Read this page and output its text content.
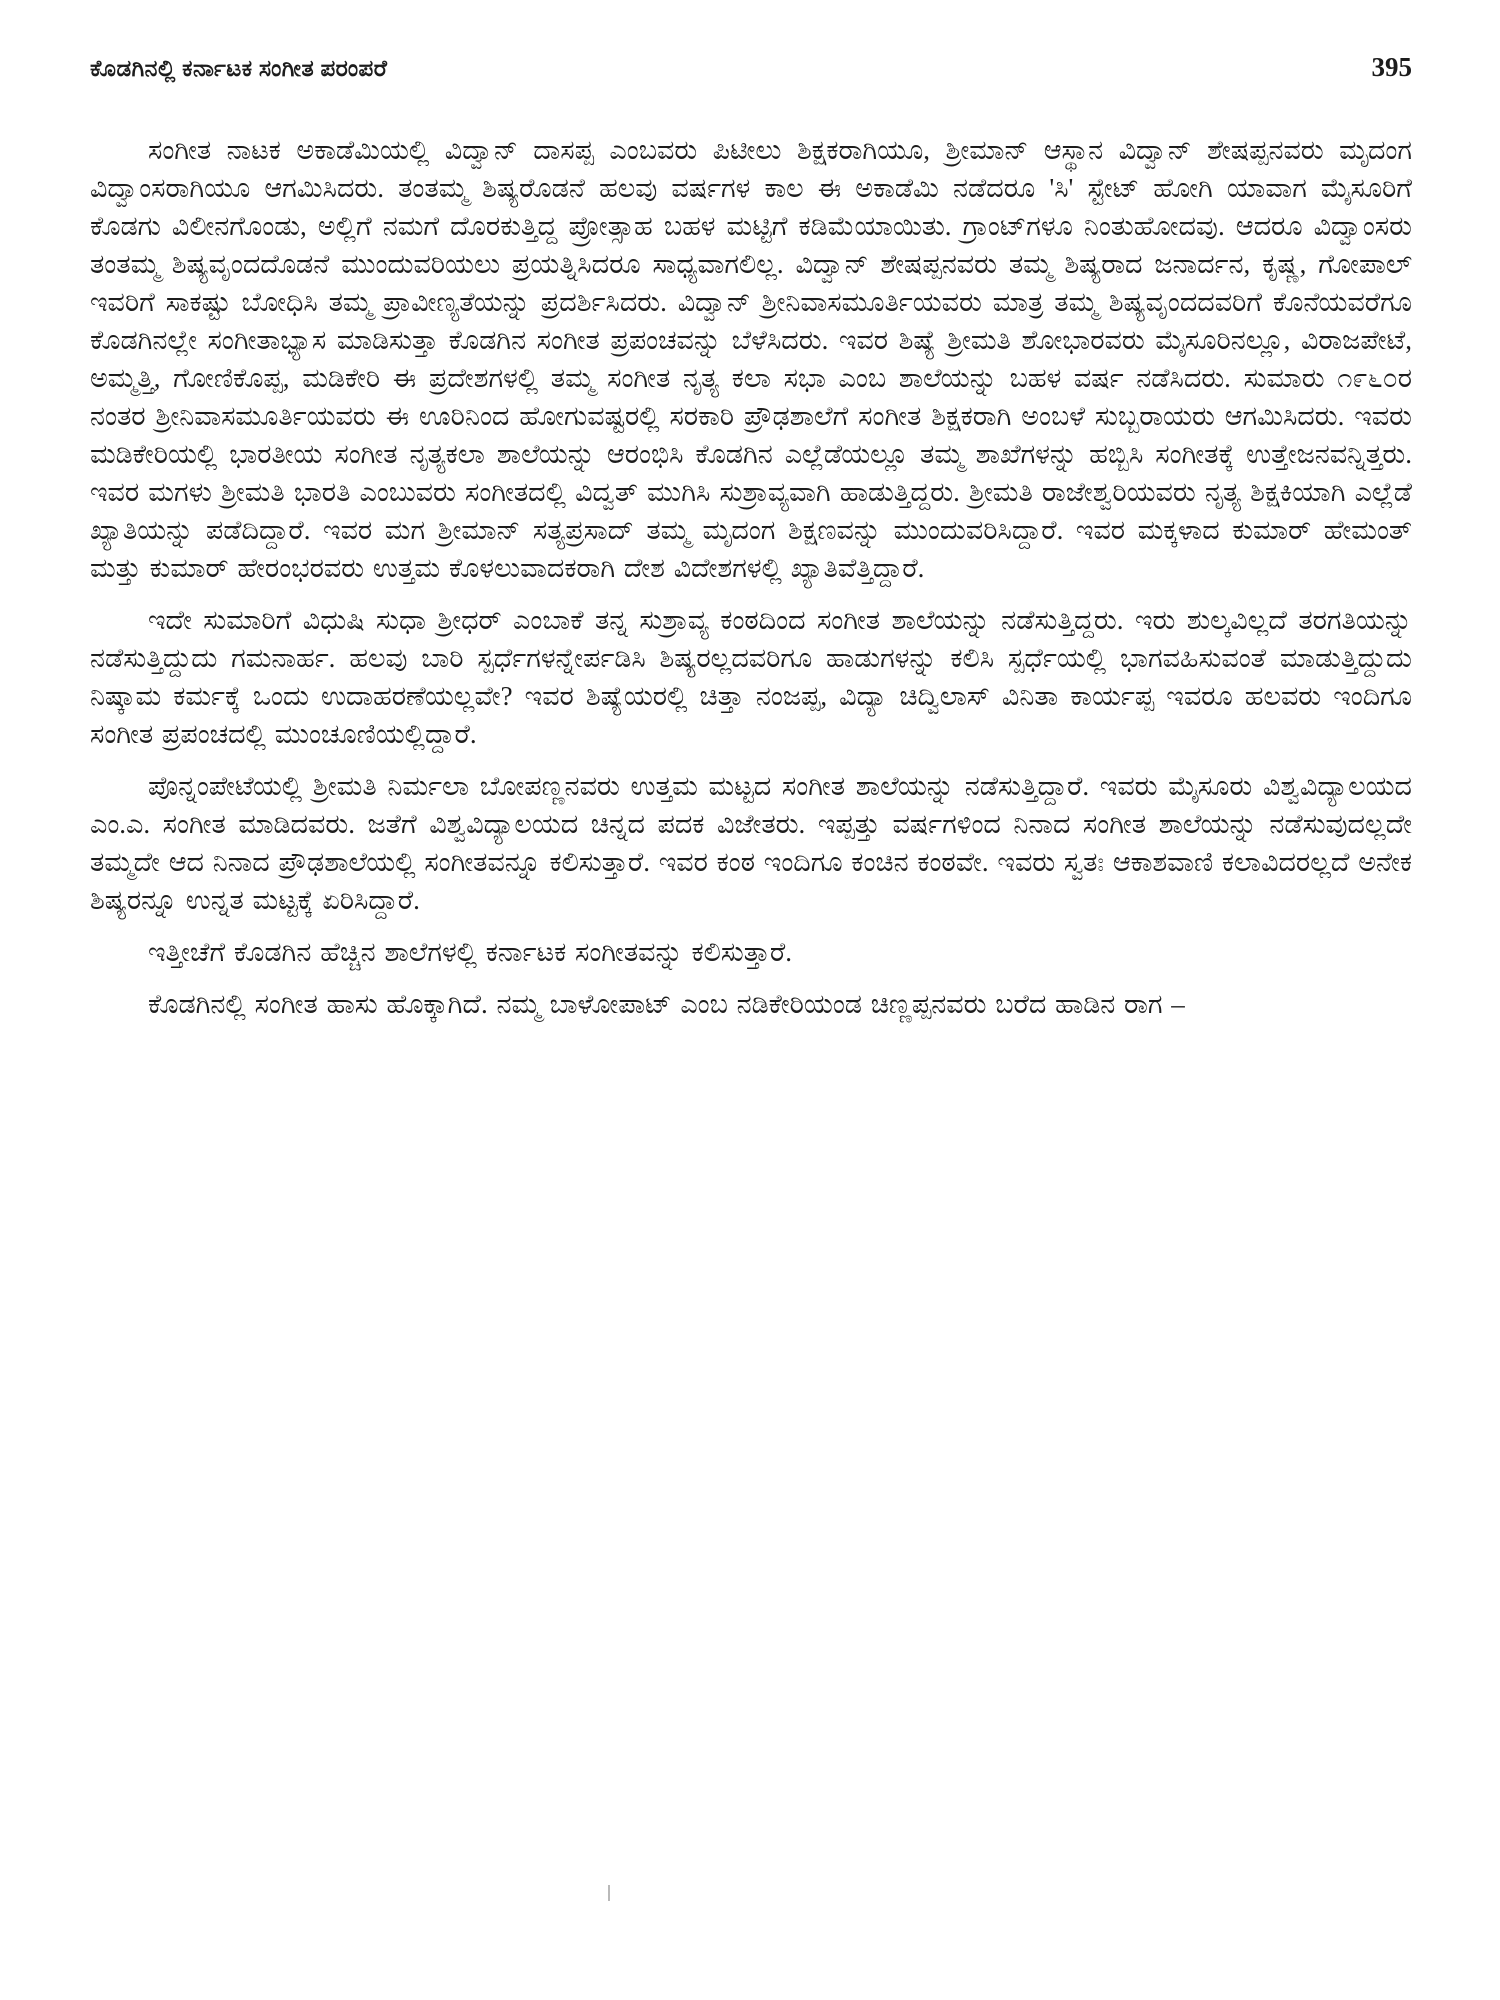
ಕೊಡಗಿನಲ್ಲಿ ಕರ್ನಾಟಕ ಸಂಗೀತ ಪರಂಪರೆ	395

ಸಂಗೀತ ನಾಟಕ ಅಕಾಡೆಮಿಯಲ್ಲಿ ವಿದ್ವಾನ್ ದಾಸಪ್ಪ ಎಂಬವರು ಪಿಟೀಲು ಶಿಕ್ಷಕರಾಗಿಯೂ, ಶ್ರೀಮಾನ್ ಆಸ್ಥಾನ ವಿದ್ವಾನ್ ಶೇಷಪ್ಪನವರು ಮೃದಂಗ ವಿದ್ವಾಂಸರಾಗಿಯೂ ಆಗಮಿಸಿದರು. ತಂತಮ್ಮ ಶಿಷ್ಯರೊಡನೆ ಹಲವು ವರ್ಷಗಳ ಕಾಲ ಈ ಅಕಾಡೆಮಿ ನಡೆದರೂ 'ಸಿ' ಸ್ಟೇಟ್ ಹೋಗಿ ಯಾವಾಗ ಮೈಸೂರಿಗೆ ಕೊಡಗು ವಿಲೀನಗೊಂಡು, ಅಲ್ಲಿಗೆ ನಮಗೆ ದೊರಕುತ್ತಿದ್ದ ಪ್ರೋತ್ಸಾಹ ಬಹಳ ಮಟ್ಟಿಗೆ ಕಡಿಮೆಯಾಯಿತು. ಗ್ರಾಂಟ್‌ಗಳೂ ನಿಂತುಹೋದವು. ಆದರೂ ವಿದ್ವಾಂಸರು ತಂತಮ್ಮ ಶಿಷ್ಯವೃಂದದೊಡನೆ ಮುಂದುವರಿಯಲು ಪ್ರಯತ್ನಿಸಿದರೂ ಸಾಧ್ಯವಾಗಲಿಲ್ಲ. ವಿದ್ವಾನ್ ಶೇಷಪ್ಪನವರು ತಮ್ಮ ಶಿಷ್ಯರಾದ ಜನಾರ್ದನ, ಕೃಷ್ಣ, ಗೋಪಾಲ್ ಇವರಿಗೆ ಸಾಕಷ್ಟು ಬೋಧಿಸಿ ತಮ್ಮ ಪ್ರಾವೀಣ್ಯತೆಯನ್ನು ಪ್ರದರ್ಶಿಸಿದರು. ವಿದ್ವಾನ್ ಶ್ರೀನಿವಾಸಮೂರ್ತಿಯವರು ಮಾತ್ರ ತಮ್ಮ ಶಿಷ್ಯವೃಂದದವರಿಗೆ ಕೊನೆಯವರೆಗೂ ಕೊಡಗಿನಲ್ಲೇ ಸಂಗೀತಾಭ್ಯಾಸ ಮಾಡಿಸುತ್ತಾ ಕೊಡಗಿನ ಸಂಗೀತ ಪ್ರಪಂಚವನ್ನು ಬೆಳೆಸಿದರು. ಇವರ ಶಿಷ್ಯೆ ಶ್ರೀಮತಿ ಶೋಭಾರವರು ಮೈಸೂರಿನಲ್ಲೂ, ವಿರಾಜಪೇಟೆ, ಅಮ್ಮತ್ತಿ, ಗೋಣಿಕೊಪ್ಪ, ಮಡಿಕೇರಿ ಈ ಪ್ರದೇಶಗಳಲ್ಲಿ ತಮ್ಮ ಸಂಗೀತ ನೃತ್ಯ ಕಲಾ ಸಭಾ ಎಂಬ ಶಾಲೆಯನ್ನು ಬಹಳ ವರ್ಷ ನಡೆಸಿದರು. ಸುಮಾರು ೧೯೬೦ರ ನಂತರ ಶ್ರೀನಿವಾಸಮೂರ್ತಿಯವರು ಈ ಊರಿನಿಂದ ಹೋಗುವಷ್ಟರಲ್ಲಿ ಸರಕಾರಿ ಪ್ರೌಢಶಾಲೆಗೆ ಸಂಗೀತ ಶಿಕ್ಷಕರಾಗಿ ಅಂಬಳೆ ಸುಬ್ಬರಾಯರು ಆಗಮಿಸಿದರು. ಇವರು ಮಡಿಕೇರಿಯಲ್ಲಿ ಭಾರತೀಯ ಸಂಗೀತ ನೃತ್ಯಕಲಾ ಶಾಲೆಯನ್ನು ಆರಂಭಿಸಿ ಕೊಡಗಿನ ಎಲ್ಲೆಡೆಯಲ್ಲೂ ತಮ್ಮ ಶಾಖೆಗಳನ್ನು ಹಬ್ಬಿಸಿ ಸಂಗೀತಕ್ಕೆ ಉತ್ತೇಜನವನ್ನಿತ್ತರು. ಇವರ ಮಗಳು ಶ್ರೀಮತಿ ಭಾರತಿ ಎಂಬುವರು ಸಂಗೀತದಲ್ಲಿ ವಿದ್ವತ್ ಮುಗಿಸಿ ಸುಶ್ರಾವ್ಯವಾಗಿ ಹಾಡುತ್ತಿದ್ದರು. ಶ್ರೀಮತಿ ರಾಜೇಶ್ವರಿಯವರು ನೃತ್ಯ ಶಿಕ್ಷಕಿಯಾಗಿ ಎಲ್ಲೆಡೆ ಖ್ಯಾತಿಯನ್ನು ಪಡೆದಿದ್ದಾರೆ. ಇವರ ಮಗ ಶ್ರೀಮಾನ್ ಸತ್ಯಪ್ರಸಾದ್ ತಮ್ಮ ಮೃದಂಗ ಶಿಕ್ಷಣವನ್ನು ಮುಂದುವರಿಸಿದ್ದಾರೆ. ಇವರ ಮಕ್ಕಳಾದ ಕುಮಾರ್ ಹೇಮಂತ್ ಮತ್ತು ಕುಮಾರ್ ಹೇರಂಭರವರು ಉತ್ತಮ ಕೊಳಲುವಾದಕರಾಗಿ ದೇಶ ವಿದೇಶಗಳಲ್ಲಿ ಖ್ಯಾತಿವೆತ್ತಿದ್ದಾರೆ.

ಇದೇ ಸುಮಾರಿಗೆ ವಿಧುಷಿ ಸುಧಾ ಶ್ರೀಧರ್ ಎಂಬಾಕೆ ತನ್ನ ಸುಶ್ರಾವ್ಯ ಕಂಠದಿಂದ ಸಂಗೀತ ಶಾಲೆಯನ್ನು ನಡೆಸುತ್ತಿದ್ದರು. ಇರು ಶುಲ್ಕವಿಲ್ಲದೆ ತರಗತಿಯನ್ನು ನಡೆಸುತ್ತಿದ್ದುದು ಗಮನಾರ್ಹ. ಹಲವು ಬಾರಿ ಸ್ಪರ್ಧೆಗಳನ್ನೇರ್ಪಡಿಸಿ ಶಿಷ್ಯರಲ್ಲದವರಿಗೂ ಹಾಡುಗಳನ್ನು ಕಲಿಸಿ ಸ್ಪರ್ಧೆಯಲ್ಲಿ ಭಾಗವಹಿಸುವಂತೆ ಮಾಡುತ್ತಿದ್ದುದು ನಿಷ್ಕಾಮ ಕರ್ಮಕ್ಕೆ ಒಂದು ಉದಾಹರಣೆಯಲ್ಲವೇ? ಇವರ ಶಿಷ್ಯೆಯರಲ್ಲಿ ಚಿತ್ತಾ ನಂಜಪ್ಪ, ವಿದ್ಯಾ ಚಿದ್ವಿಲಾಸ್ ವಿನಿತಾ ಕಾರ್ಯಪ್ಪ ಇವರೂ ಹಲವರು ಇಂದಿಗೂ ಸಂಗೀತ ಪ್ರಪಂಚದಲ್ಲಿ ಮುಂಚೂಣಿಯಲ್ಲಿದ್ದಾರೆ.

ಪೊನ್ನಂಪೇಟೆಯಲ್ಲಿ ಶ್ರೀಮತಿ ನಿರ್ಮಲಾ ಬೋಪಣ್ಣನವರು ಉತ್ತಮ ಮಟ್ಟದ ಸಂಗೀತ ಶಾಲೆಯನ್ನು ನಡೆಸುತ್ತಿದ್ದಾರೆ. ಇವರು ಮೈಸೂರು ವಿಶ್ವವಿದ್ಯಾಲಯದ ಎಂ.ಎ. ಸಂಗೀತ ಮಾಡಿದವರು. ಜತೆಗೆ ವಿಶ್ವವಿದ್ಯಾಲಯದ ಚಿನ್ನದ ಪದಕ ವಿಜೇತರು. ಇಪ್ಪತ್ತು ವರ್ಷಗಳಿಂದ ನಿನಾದ ಸಂಗೀತ ಶಾಲೆಯನ್ನು ನಡೆಸುವುದಲ್ಲದೇ ತಮ್ಮದೇ ಆದ ನಿನಾದ ಪ್ರೌಢಶಾಲೆಯಲ್ಲಿ ಸಂಗೀತವನ್ನೂ ಕಲಿಸುತ್ತಾರೆ. ಇವರ ಕಂಠ ಇಂದಿಗೂ ಕಂಚಿನ ಕಂಠವೇ. ಇವರು ಸ್ವತಃ ಆಕಾಶವಾಣಿ ಕಲಾವಿದರಲ್ಲದೆ ಅನೇಕ ಶಿಷ್ಯರನ್ನೂ ಉನ್ನತ ಮಟ್ಟಕ್ಕೆ ಏರಿಸಿದ್ದಾರೆ.

ಇತ್ತೀಚೆಗೆ ಕೊಡಗಿನ ಹೆಚ್ಚಿನ ಶಾಲೆಗಳಲ್ಲಿ ಕರ್ನಾಟಕ ಸಂಗೀತವನ್ನು ಕಲಿಸುತ್ತಾರೆ.

ಕೊಡಗಿನಲ್ಲಿ ಸಂಗೀತ ಹಾಸು ಹೊಕ್ಕಾಗಿದೆ. ನಮ್ಮ ಬಾಳೋಪಾಟ್ ಎಂಬ ನಡಿಕೇರಿಯಂಡ ಚಿಣ್ಣಪ್ಪನವರು ಬರೆದ ಹಾಡಿನ ರಾಗ –
